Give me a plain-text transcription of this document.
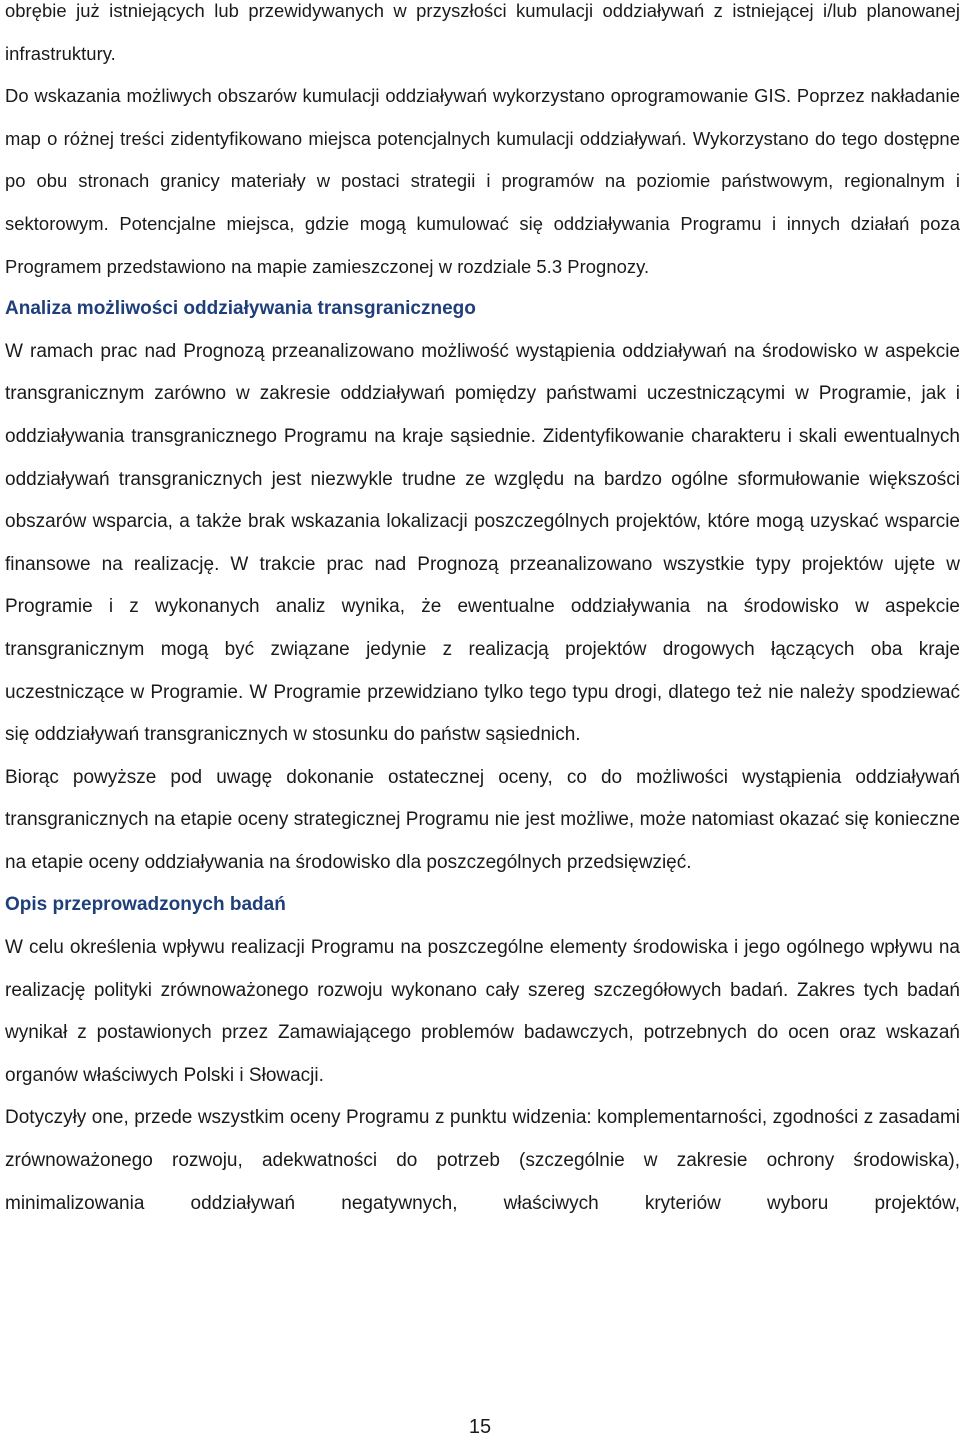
obrębie już istniejących lub przewidywanych w przyszłości kumulacji oddziaływań z istniejącej i/lub planowanej infrastruktury.
Do wskazania możliwych obszarów kumulacji oddziaływań wykorzystano oprogramowanie GIS. Poprzez nakładanie map o różnej treści zidentyfikowano miejsca potencjalnych kumulacji oddziaływań. Wykorzystano do tego dostępne po obu stronach granicy materiały w postaci strategii i programów na poziomie państwowym, regionalnym i sektorowym. Potencjalne miejsca, gdzie mogą kumulować się oddziaływania Programu i innych działań poza Programem przedstawiono na mapie zamieszczonej w rozdziale 5.3 Prognozy.

Analiza możliwości oddziaływania transgranicznego

W ramach prac nad Prognozą przeanalizowano możliwość wystąpienia oddziaływań na środowisko w aspekcie transgranicznym zarówno w zakresie oddziaływań pomiędzy państwami uczestniczącymi w Programie, jak i oddziaływania transgranicznego Programu na kraje sąsiednie. Zidentyfikowanie charakteru i skali ewentualnych oddziaływań transgranicznych jest niezwykle trudne ze względu na bardzo ogólne sformułowanie większości obszarów wsparcia, a także brak wskazania lokalizacji poszczególnych projektów, które mogą uzyskać wsparcie finansowe na realizację. W trakcie prac nad Prognozą przeanalizowano wszystkie typy projektów ujęte w Programie i z wykonanych analiz wynika, że ewentualne oddziaływania na środowisko w aspekcie transgranicznym mogą być związane jedynie z realizacją projektów drogowych łączących oba kraje uczestniczące w Programie. W Programie przewidziano tylko tego typu drogi, dlatego też nie należy spodziewać się oddziaływań transgranicznych w stosunku do państw sąsiednich.

Biorąc powyższe pod uwagę dokonanie ostatecznej oceny, co do możliwości wystąpienia oddziaływań transgranicznych na etapie oceny strategicznej Programu nie jest możliwe, może natomiast okazać się konieczne na etapie oceny oddziaływania na środowisko dla poszczególnych przedsięwzięć.

Opis przeprowadzonych badań

W celu określenia wpływu realizacji Programu na poszczególne elementy środowiska i jego ogólnego wpływu na realizację polityki zrównoważonego rozwoju wykonano cały szereg szczegółowych badań. Zakres tych badań wynikał z postawionych przez Zamawiającego problemów badawczych, potrzebnych do ocen oraz wskazań organów właściwych Polski i Słowacji.

Dotyczyły one, przede wszystkim oceny Programu z punktu widzenia: komplementarności, zgodności z zasadami zrównoważonego rozwoju, adekwatności do potrzeb (szczególnie w zakresie ochrony środowiska), minimalizowania oddziaływań negatywnych, właściwych kryteriów wyboru projektów,

15
